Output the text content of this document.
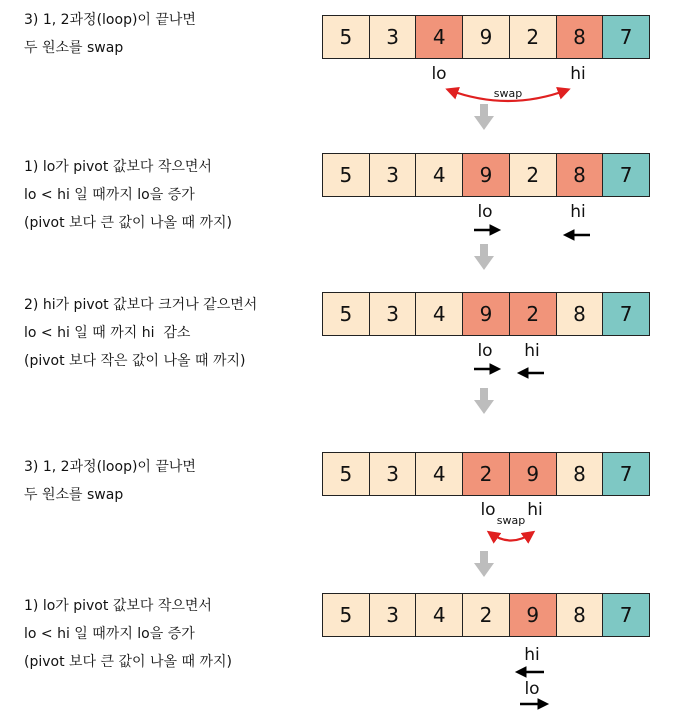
3) 1, 2과정(loop)이 끝나면
두 원소를 swap
1) lo가 pivot 값보다 작으면서
lo < hi 일 때까지 lo을 증가
(pivot 보다 큰 값이 나올 때 까지)
2) hi가 pivot 값보다 크거나 같으면서
lo < hi 일 때 까지 hi  감소
(pivot 보다 작은 값이 나올 때 까지)
3) 1, 2과정(loop)이 끝나면
두 원소를 swap
1) lo가 pivot 값보다 작으면서
lo < hi 일 때까지 lo을 증가
(pivot 보다 큰 값이 나올 때 까지)
5	3	4	9	2	8	7
5	3	4	9	2	8	7
5	3	4	9	2	8	7
5	3	4	2	9	8	7
5	3	4	2	9	8	7
lo	hi
swap
lo	hi
lo hi
lo hi
swap
hi
lo
